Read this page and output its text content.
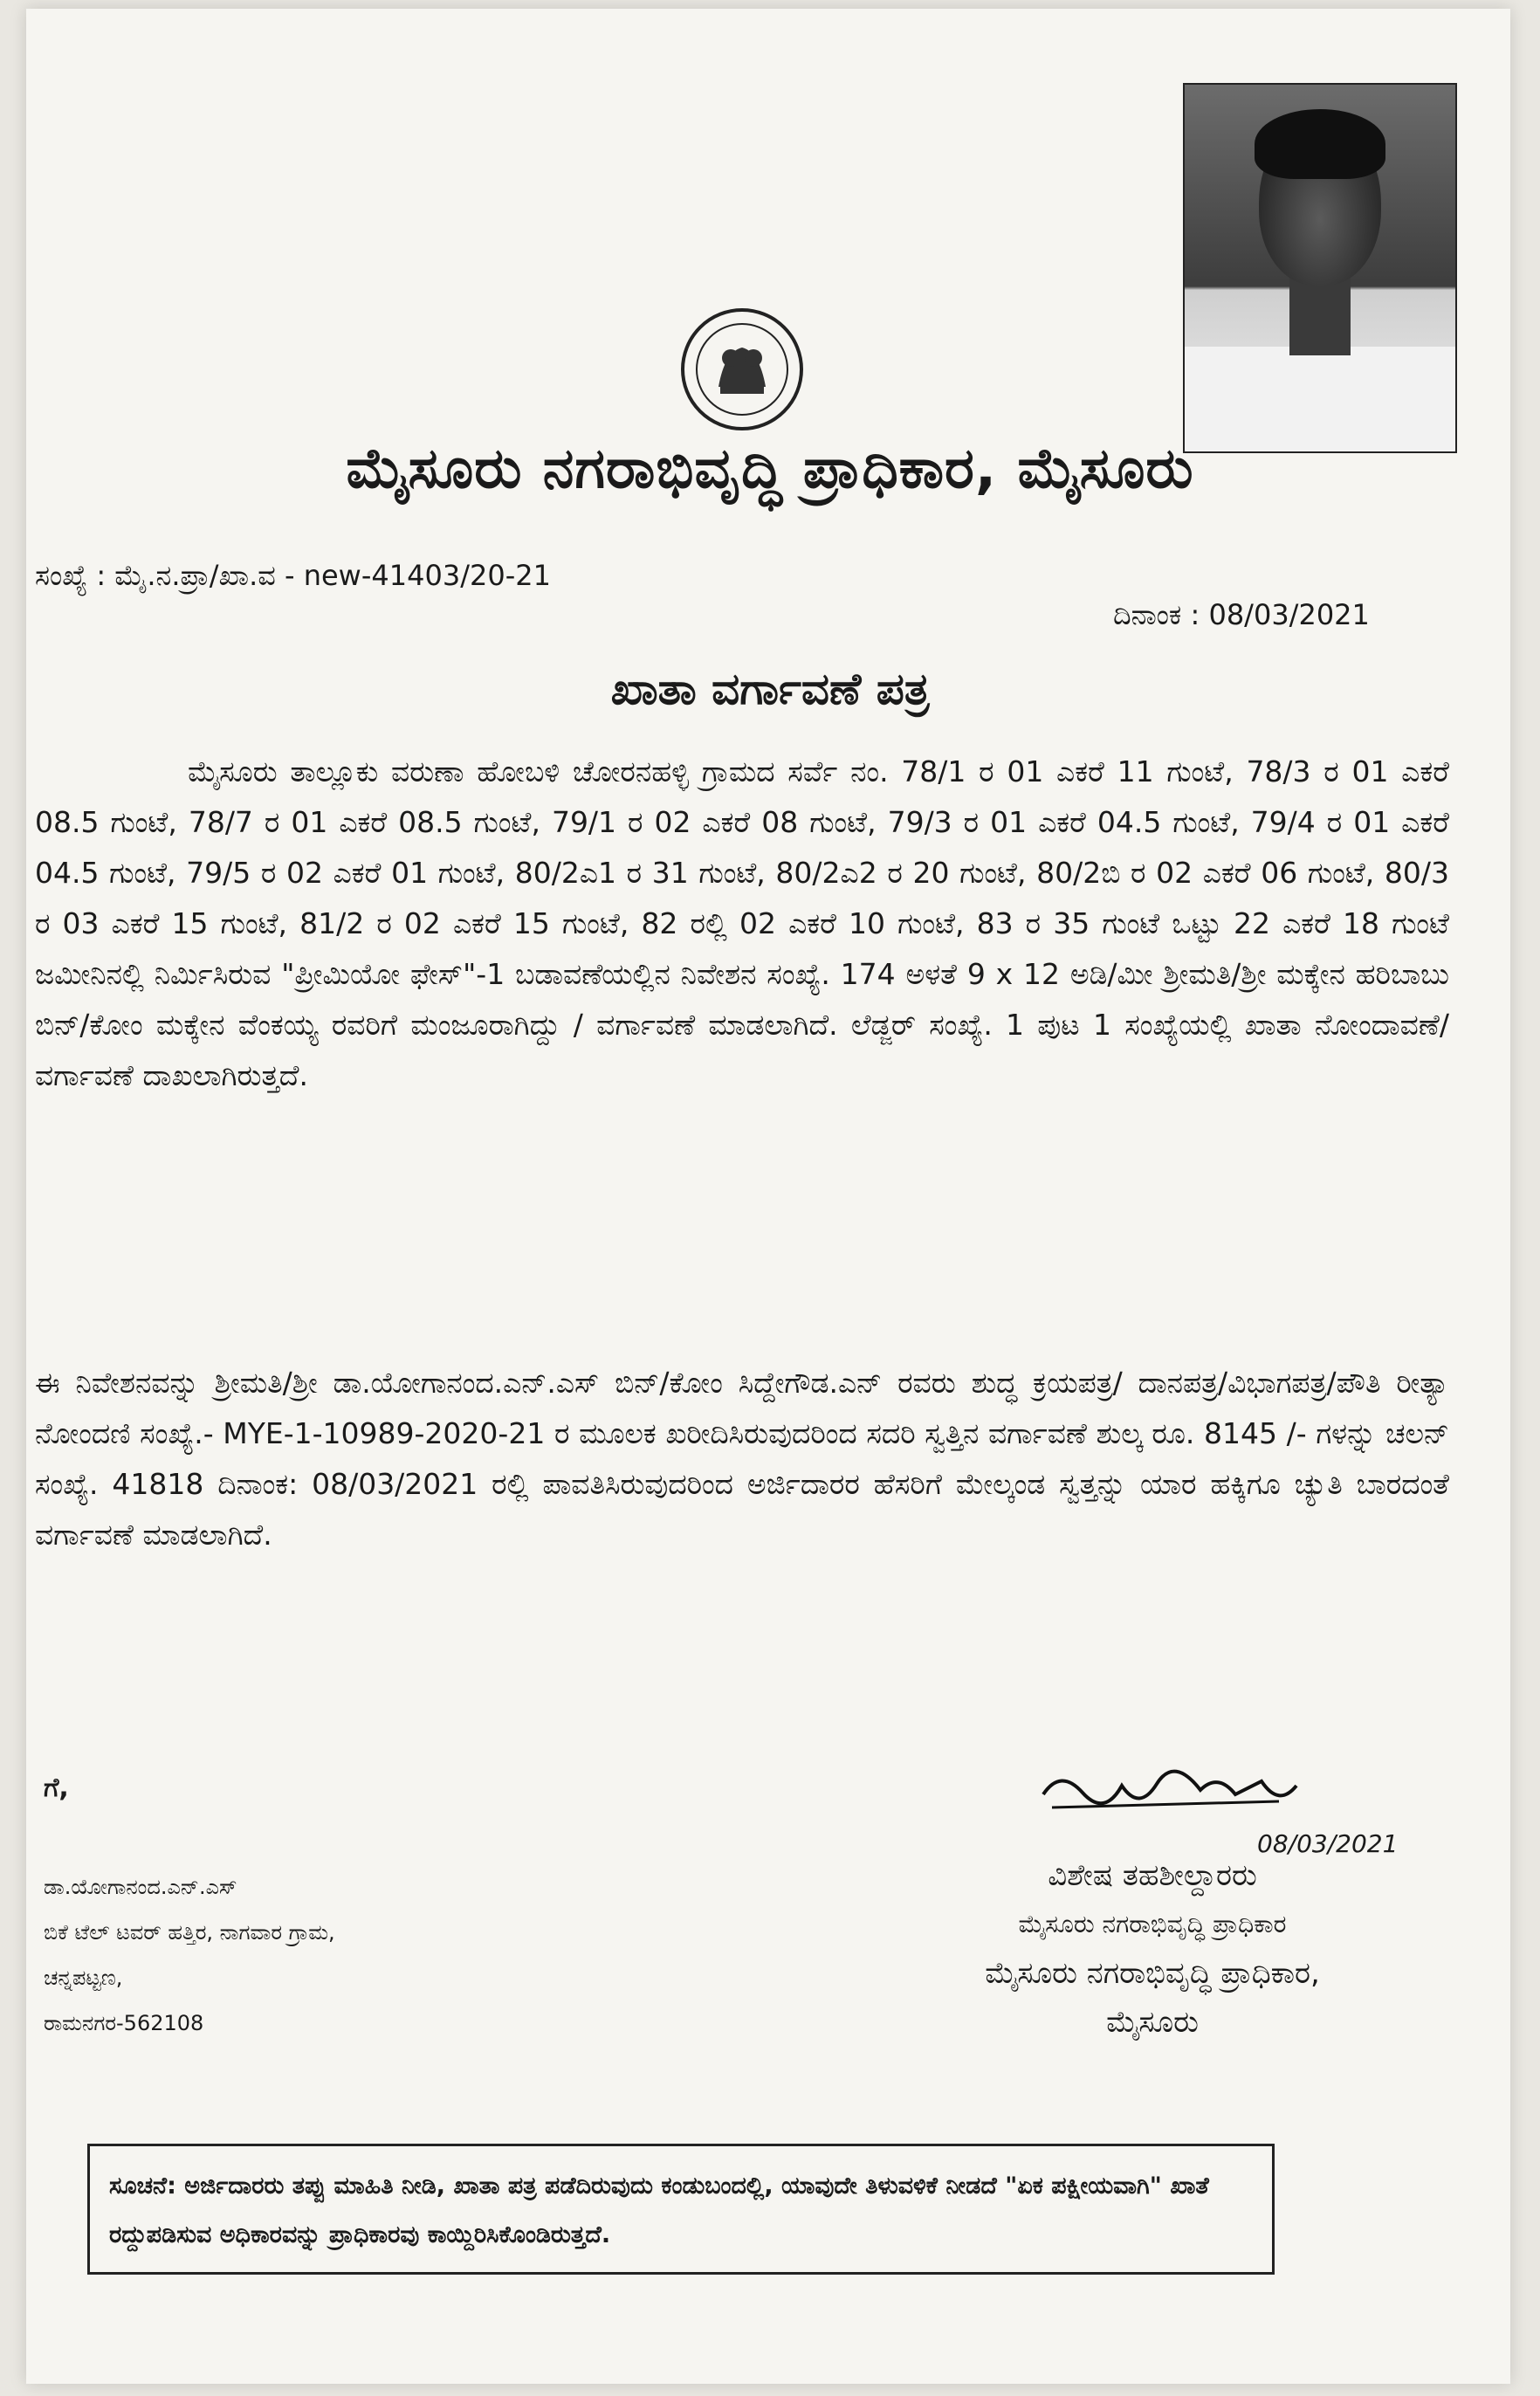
ಮೈಸೂರು ನಗರಾಭಿವೃದ್ಧಿ ಪ್ರಾಧಿಕಾರ, ಮೈಸೂರು
ಸಂಖ್ಯೆ : ಮೈ.ನ.ಪ್ರಾ/ಖಾ.ವ - new-41403/20-21
ದಿನಾಂಕ : 08/03/2021
ಖಾತಾ ವರ್ಗಾವಣೆ ಪತ್ರ
ಮೈಸೂರು ತಾಲ್ಲೂಕು ವರುಣಾ ಹೋಬಳಿ ಚೋರನಹಳ್ಳಿ ಗ್ರಾಮದ ಸರ್ವೆ ನಂ. 78/1 ರ 01 ಎಕರೆ 11 ಗುಂಟೆ, 78/3 ರ 01 ಎಕರೆ 08.5 ಗುಂಟೆ, 78/7 ರ 01 ಎಕರೆ 08.5 ಗುಂಟೆ, 79/1 ರ 02 ಎಕರೆ 08 ಗುಂಟೆ, 79/3 ರ 01 ಎಕರೆ 04.5 ಗುಂಟೆ, 79/4 ರ 01 ಎಕರೆ 04.5 ಗುಂಟೆ, 79/5 ರ 02 ಎಕರೆ 01 ಗುಂಟೆ, 80/2ಎ1 ರ 31 ಗುಂಟೆ, 80/2ಎ2 ರ 20 ಗುಂಟೆ, 80/2ಬಿ ರ 02 ಎಕರೆ 06 ಗುಂಟೆ, 80/3 ರ 03 ಎಕರೆ 15 ಗುಂಟೆ, 81/2 ರ 02 ಎಕರೆ 15 ಗುಂಟೆ, 82 ರಲ್ಲಿ 02 ಎಕರೆ 10 ಗುಂಟೆ, 83 ರ 35 ಗುಂಟೆ ಒಟ್ಟು 22 ಎಕರೆ 18 ಗುಂಟೆ ಜಮೀನಿನಲ್ಲಿ ನಿರ್ಮಿಸಿರುವ "ಪ್ರೀಮಿಯೋ ಫೇಸ್"-1 ಬಡಾವಣೆಯಲ್ಲಿನ ನಿವೇಶನ ಸಂಖ್ಯೆ. 174 ಅಳತೆ 9 x 12 ಅಡಿ/ಮೀ ಶ್ರೀಮತಿ/ಶ್ರೀ ಮಕ್ಕೇನ ಹರಿಬಾಬು ಬಿನ್/ಕೋಂ ಮಕ್ಕೇನ ವೆಂಕಯ್ಯ ರವರಿಗೆ ಮಂಜೂರಾಗಿದ್ದು / ವರ್ಗಾವಣೆ ಮಾಡಲಾಗಿದೆ. ಲೆಡ್ಜರ್ ಸಂಖ್ಯೆ. 1 ಪುಟ 1 ಸಂಖ್ಯೆಯಲ್ಲಿ ಖಾತಾ ನೋಂದಾವಣೆ/ ವರ್ಗಾವಣೆ ದಾಖಲಾಗಿರುತ್ತದೆ.
ಈ ನಿವೇಶನವನ್ನು ಶ್ರೀಮತಿ/ಶ್ರೀ ಡಾ.ಯೋಗಾನಂದ.ಎನ್.ಎಸ್ ಬಿನ್/ಕೋಂ ಸಿದ್ದೇಗೌಡ.ಎನ್ ರವರು ಶುದ್ಧ ಕ್ರಯಪತ್ರ/ ದಾನಪತ್ರ/ವಿಭಾಗಪತ್ರ/ಪೌತಿ ರೀತ್ಯಾ ನೋಂದಣಿ ಸಂಖ್ಯೆ.- MYE-1-10989-2020-21 ರ ಮೂಲಕ ಖರೀದಿಸಿರುವುದರಿಂದ ಸದರಿ ಸ್ವತ್ತಿನ ವರ್ಗಾವಣೆ ಶುಲ್ಕ ರೂ. 8145 /- ಗಳನ್ನು ಚಲನ್ ಸಂಖ್ಯೆ. 41818 ದಿನಾಂಕ: 08/03/2021 ರಲ್ಲಿ ಪಾವತಿಸಿರುವುದರಿಂದ ಅರ್ಜಿದಾರರ ಹೆಸರಿಗೆ ಮೇಲ್ಕಂಡ ಸ್ವತ್ತನ್ನು ಯಾರ ಹಕ್ಕಿಗೂ ಚ್ಯುತಿ ಬಾರದಂತೆ ವರ್ಗಾವಣೆ ಮಾಡಲಾಗಿದೆ.
ಗೆ,
ಡಾ.ಯೋಗಾನಂದ.ಎನ್.ಎಸ್
ಬಿಕೆ ಟೆಲ್ ಟವರ್ ಹತ್ತಿರ, ನಾಗವಾರ ಗ್ರಾಮ,
ಚನ್ನಪಟ್ಟಣ,
ರಾಮನಗರ-562108
08/03/2021
ವಿಶೇಷ ತಹಶೀಲ್ದಾರರು
ಮೈಸೂರು ನಗರಾಭಿವೃದ್ಧಿ ಪ್ರಾಧಿಕಾರ
ಮೈಸೂರು ನಗರಾಭಿವೃದ್ಧಿ ಪ್ರಾಧಿಕಾರ,
ಮೈಸೂರು
ಸೂಚನೆ: ಅರ್ಜಿದಾರರು ತಪ್ಪು ಮಾಹಿತಿ ನೀಡಿ, ಖಾತಾ ಪತ್ರ ಪಡೆದಿರುವುದು ಕಂಡುಬಂದಲ್ಲಿ, ಯಾವುದೇ ತಿಳುವಳಿಕೆ ನೀಡದೆ "ಏಕ ಪಕ್ಷೀಯವಾಗಿ" ಖಾತೆ ರದ್ದುಪಡಿಸುವ ಅಧಿಕಾರವನ್ನು ಪ್ರಾಧಿಕಾರವು ಕಾಯ್ದಿರಿಸಿಕೊಂಡಿರುತ್ತದೆ.
